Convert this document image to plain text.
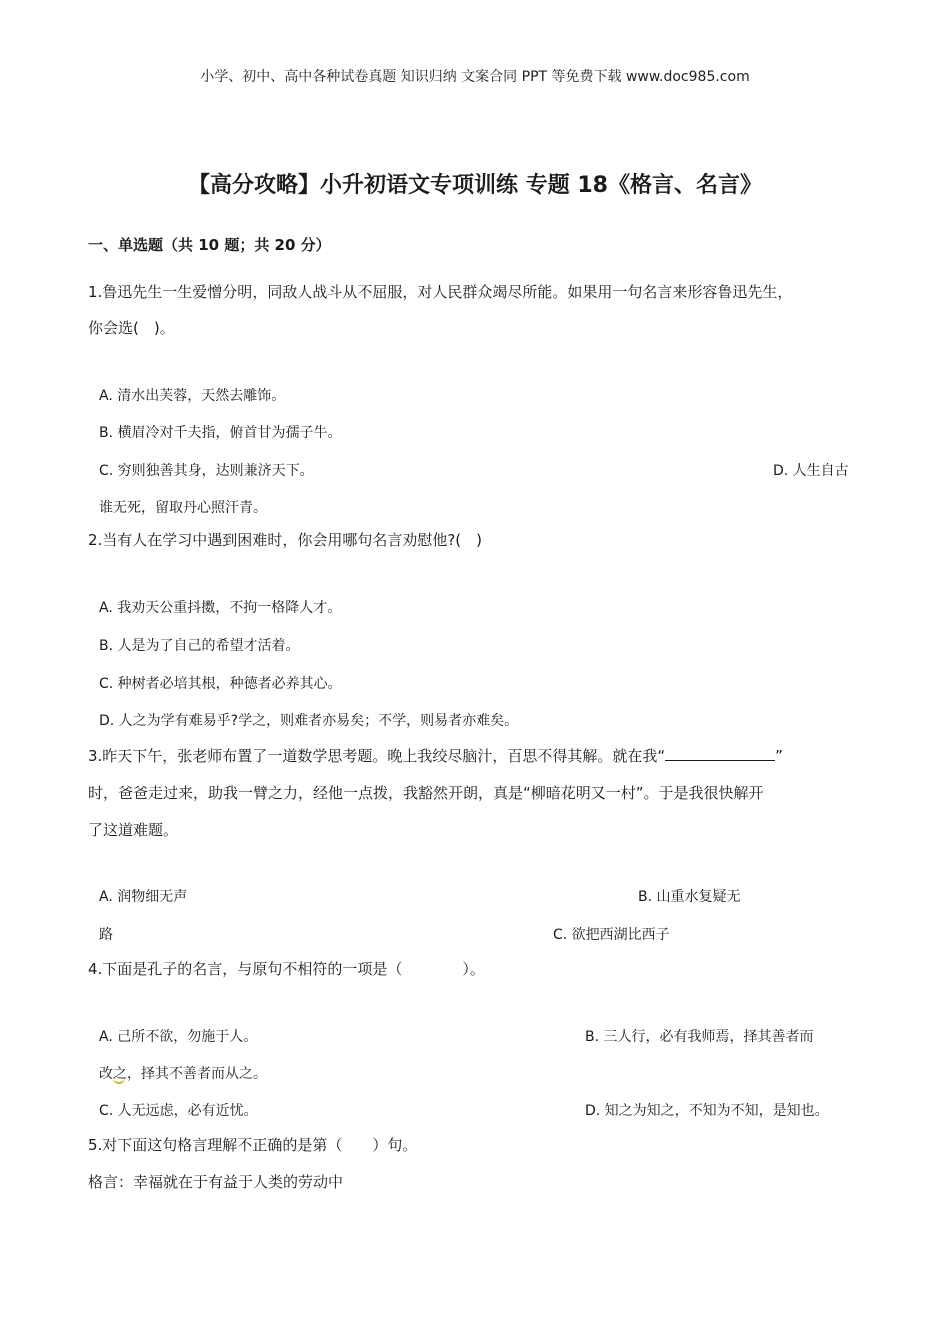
小学、初中、高中各种试卷真题 知识归纳 文案合同 PPT 等免费下载 www.doc985.com
【高分攻略】小升初语文专项训练 专题 18《格言、名言》
一、单选题（共 10 题；共 20 分）
1.鲁迅先生一生爱憎分明，同敌人战斗从不屈服，对人民群众竭尽所能。如果用一句名言来形容鲁迅先生，
你会选(　)。
A. 清水出芙蓉，天然去雕饰。
B. 横眉冷对千夫指，俯首甘为孺子牛。
C. 穷则独善其身，达则兼济天下。	D. 人生自古
谁无死，留取丹心照汗青。
2.当有人在学习中遇到困难时，你会用哪句名言劝慰他?(　)
A. 我劝天公重抖擞，不拘一格降人才。
B. 人是为了自己的希望才活着。
C. 种树者必培其根，种德者必养其心。
D. 人之为学有难易乎?学之，则难者亦易矣；不学，则易者亦难矣。
3.昨天下午，张老师布置了一道数学思考题。晚上我绞尽脑汁，百思不得其解。就在我“	”
时，爸爸走过来，助我一臂之力，经他一点拨，我豁然开朗，真是“柳暗花明又一村”。于是我很快解开
了这道难题。
A. 润物细无声	B. 山重水复疑无
路	C. 欲把西湖比西子
4.下面是孔子的名言，与原句不相符的一项是（　　　　）。
A. 己所不欲，勿施于人。	B. 三人行，必有我师焉，择其善者而
改之，择其不善者而从之。
C. 人无远虑，必有近忧。	D. 知之为知之，不知为不知，是知也。
5.对下面这句格言理解不正确的是第（　　）句。
格言：幸福就在于有益于人类的劳动中
